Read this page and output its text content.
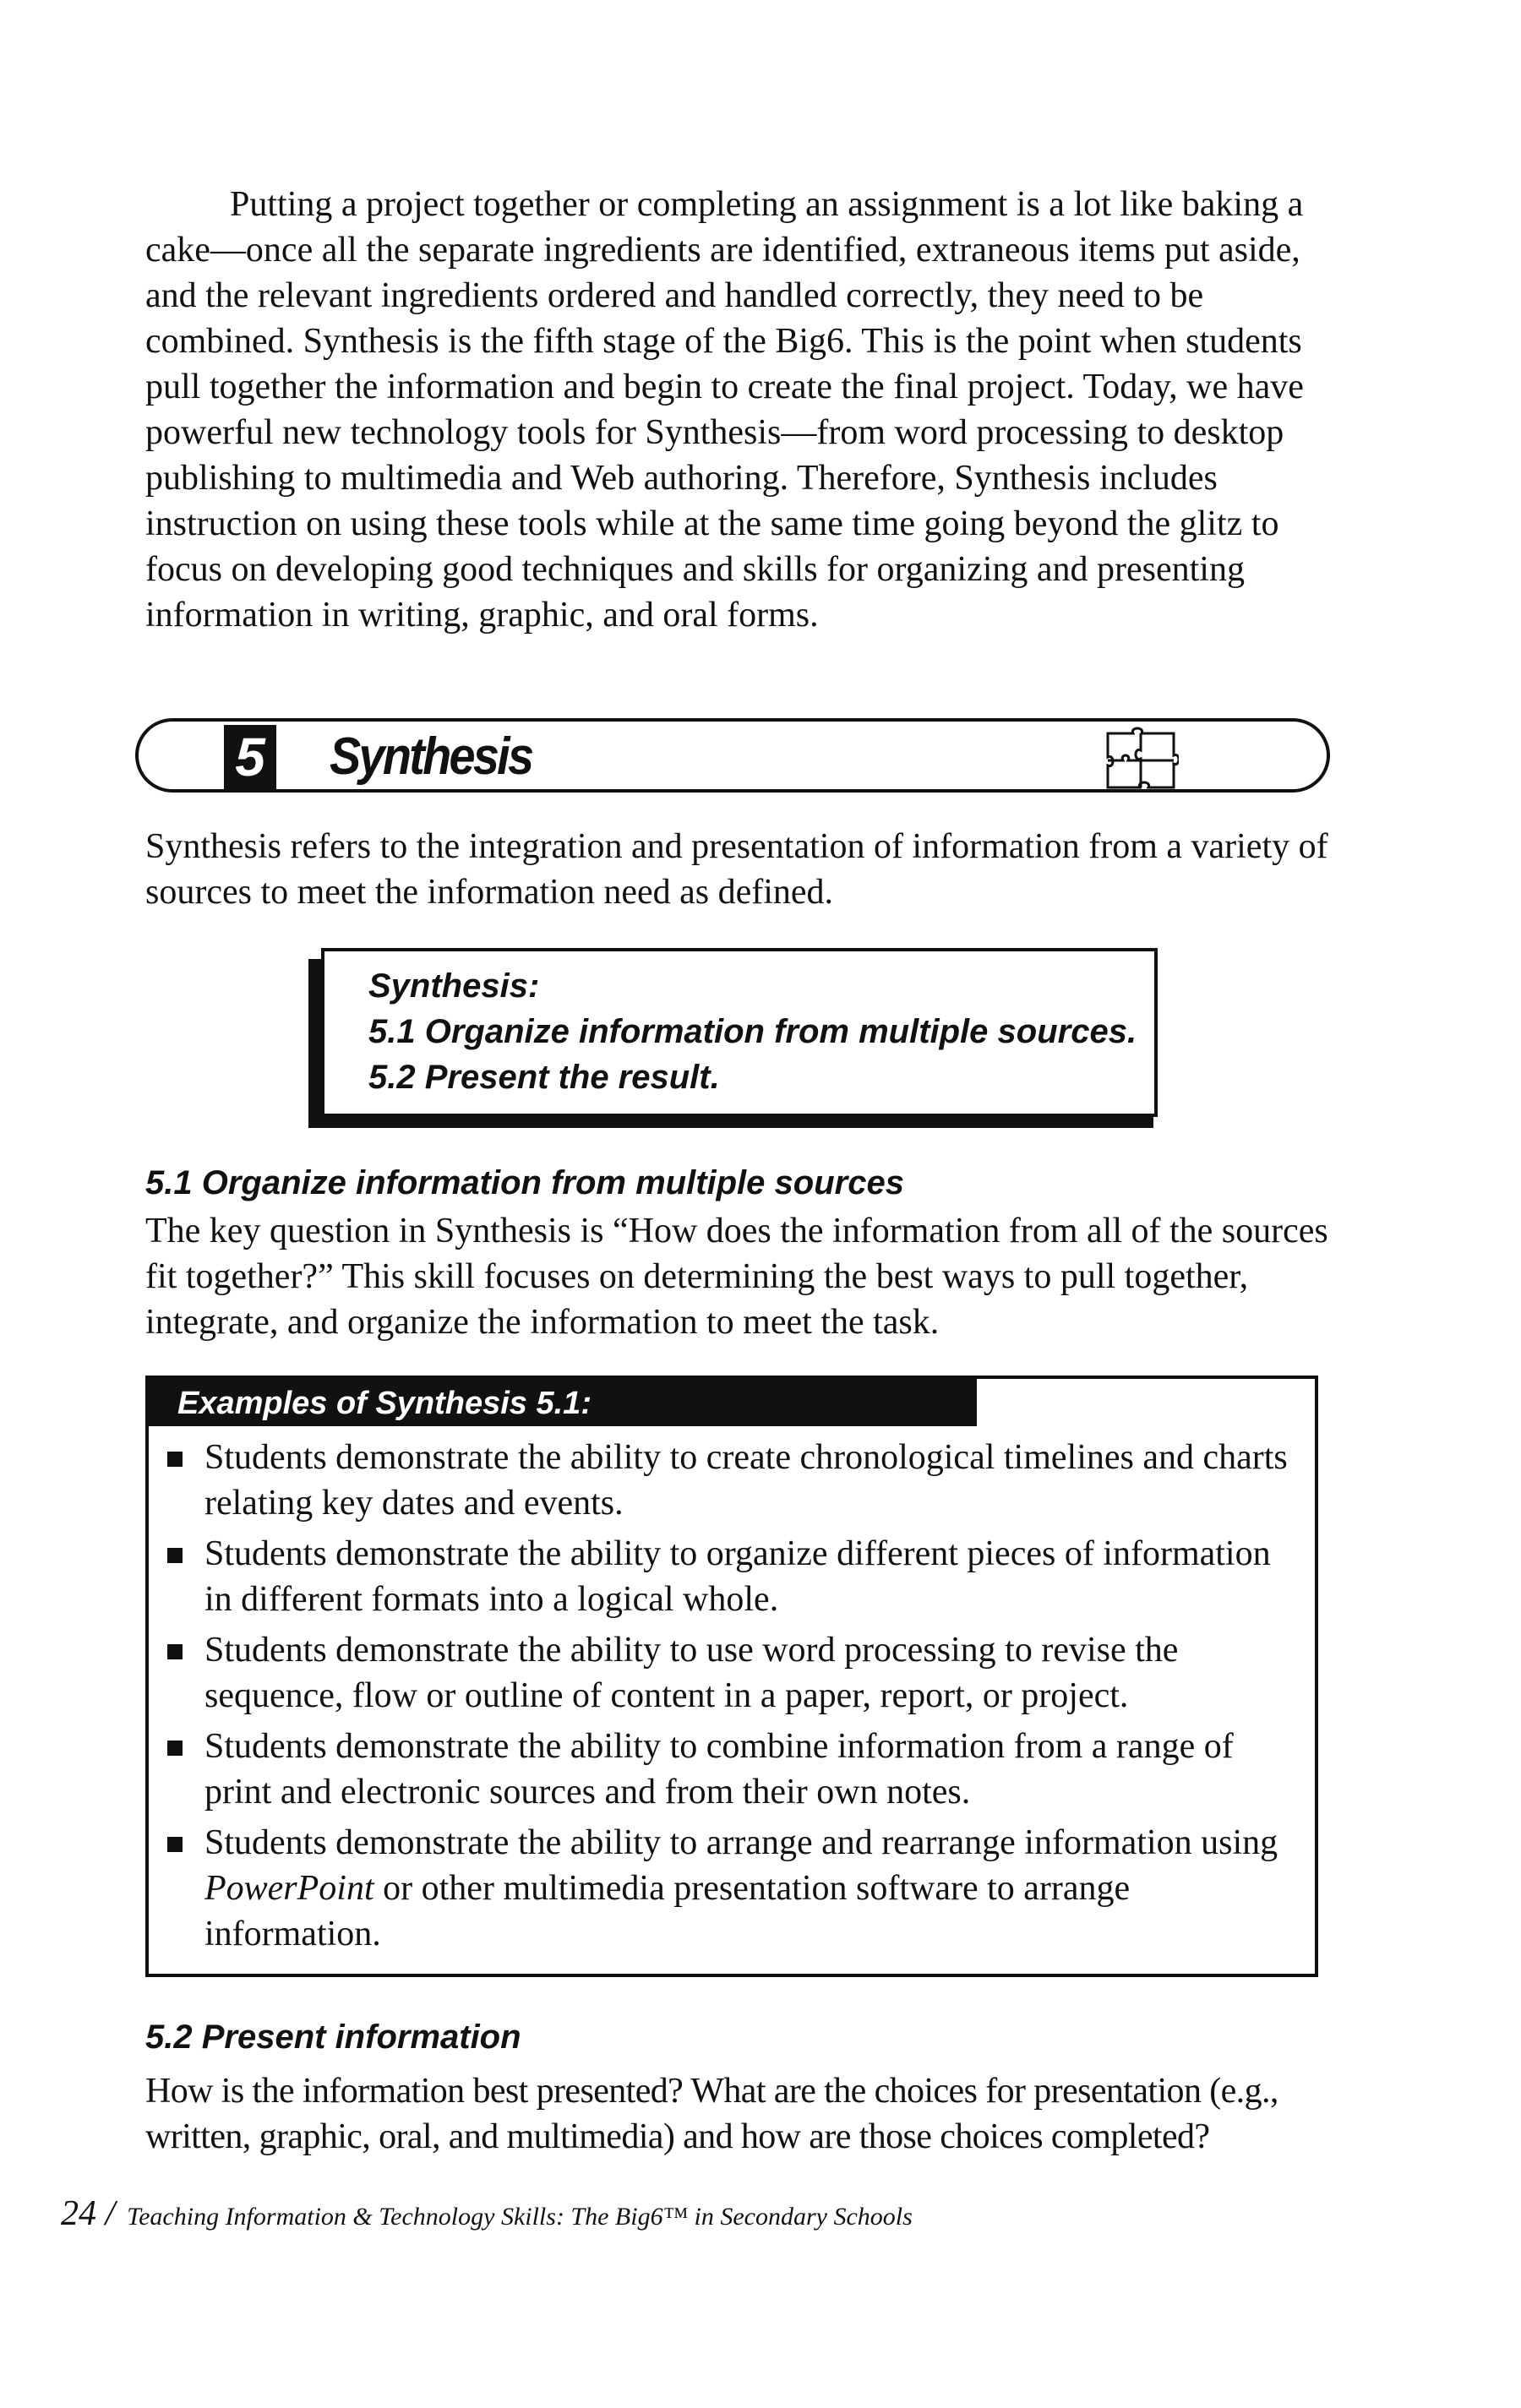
Putting a project together or completing an assignment is a lot like baking a cake—once all the separate ingredients are identified, extraneous items put aside, and the relevant ingredients ordered and handled correctly, they need to be combined. Synthesis is the fifth stage of the Big6. This is the point when students pull together the information and begin to create the final project. Today, we have powerful new technology tools for Synthesis—from word processing to desktop publishing to multimedia and Web authoring. Therefore, Synthesis includes instruction on using these tools while at the same time going beyond the glitz to focus on developing good techniques and skills for organizing and presenting information in writing, graphic, and oral forms.

5 Synthesis

Synthesis refers to the integration and presentation of information from a variety of sources to meet the information need as defined.

Synthesis:
5.1 Organize information from multiple sources.
5.2 Present the result.
5.1 Organize information from multiple sources

The key question in Synthesis is “How does the information from all of the sources fit together?” This skill focuses on determining the best ways to pull together, integrate, and organize the information to meet the task.

Examples of Synthesis 5.1:
Students demonstrate the ability to create chronological timelines and charts relating key dates and events.
Students demonstrate the ability to organize different pieces of information in different formats into a logical whole.
Students demonstrate the ability to use word processing to revise the sequence, flow or outline of content in a paper, report, or project.
Students demonstrate the ability to combine information from a range of print and electronic sources and from their own notes.
Students demonstrate the ability to arrange and rearrange information using PowerPoint or other multimedia presentation software to arrange information.
5.2 Present information

How is the information best presented? What are the choices for presentation (e.g., written, graphic, oral, and multimedia) and how are those choices completed?

24 / Teaching Information & Technology Skills: The Big6™ in Secondary Schools
